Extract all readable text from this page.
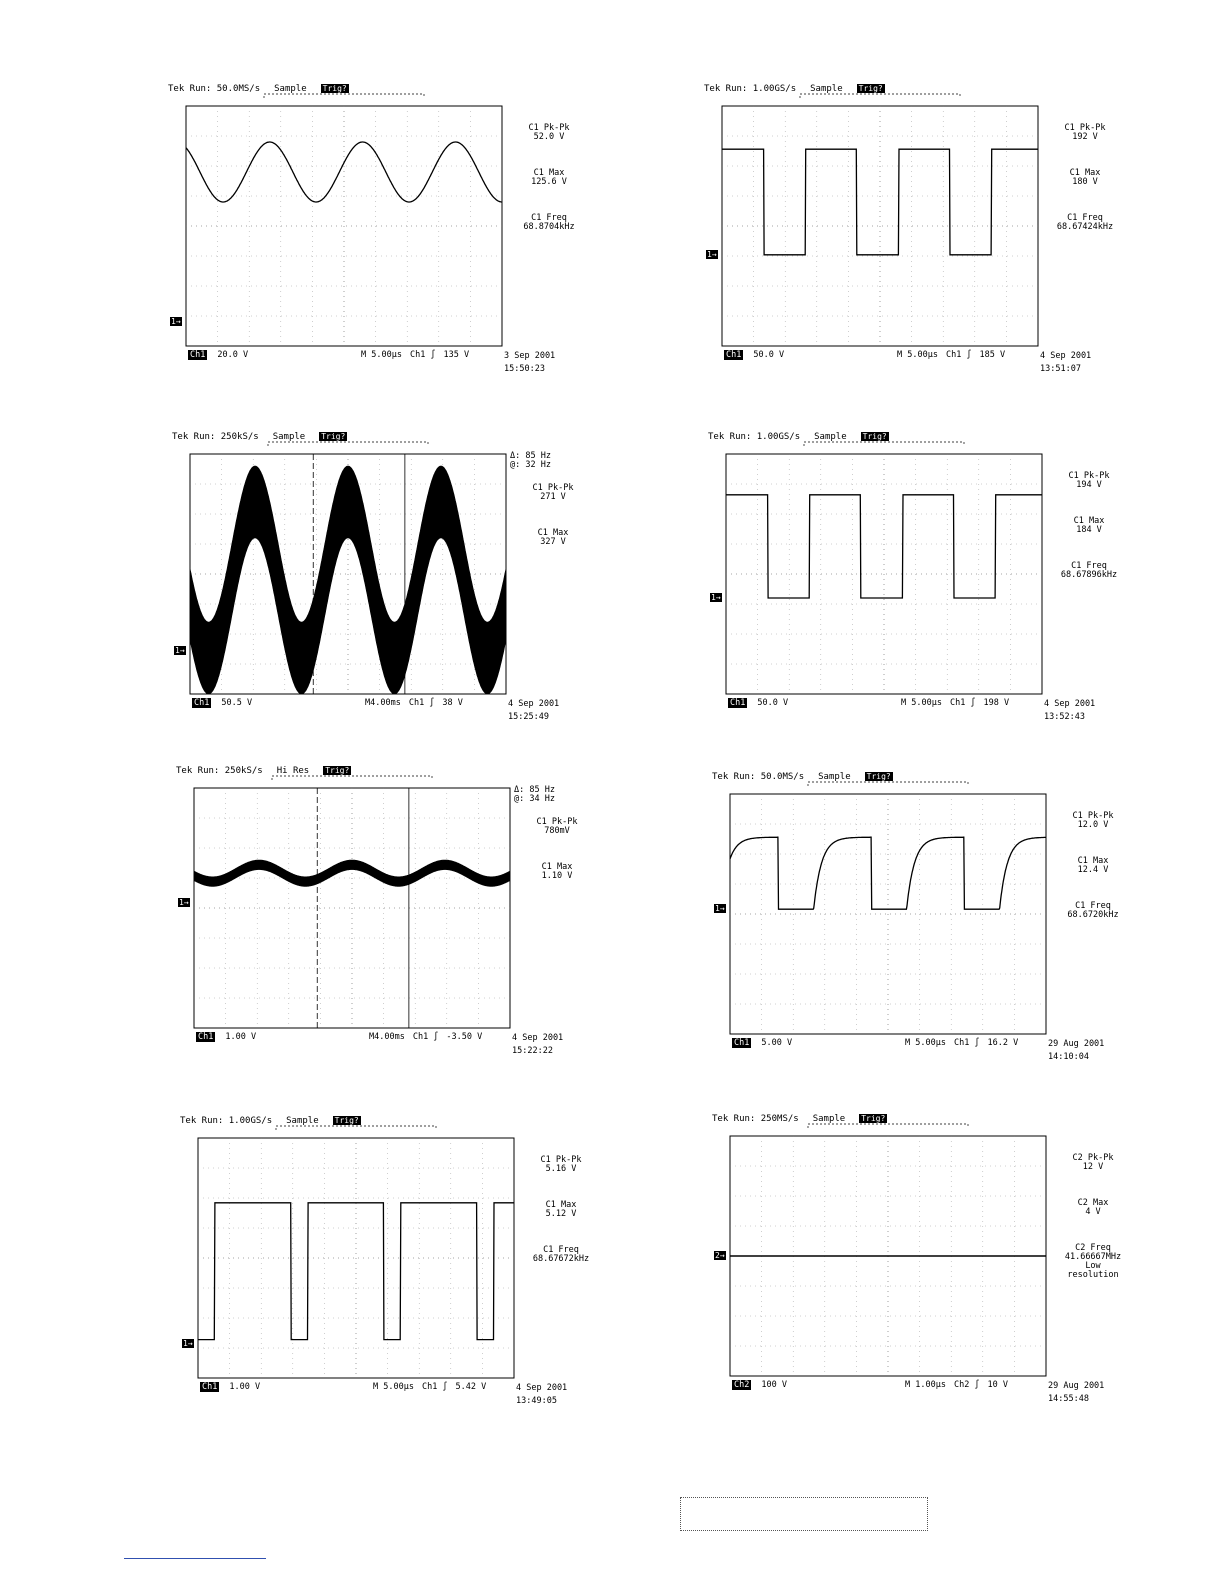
Tek Run: 50.0MS/s Sample Trig?
1→
C1 Pk-Pk
52.0 V
C1 Max
125.6 V
C1 Freq
68.8704kHz
Ch1 20.0 V	M 5.00µs Ch1 ∫ 135 V	3 Sep 2001
15:50:23
Tek Run: 1.00GS/s Sample Trig?
1→
C1 Pk-Pk
192 V
C1 Max
180 V
C1 Freq
68.67424kHz
Ch1 50.0 V	M 5.00µs Ch1 ∫ 185 V	4 Sep 2001
13:51:07
Tek Run: 250kS/s Sample Trig?
1→
Δ: 85 Hz
@: 32 Hz
C1 Pk-Pk
271 V
C1 Max
327 V
Ch1 50.5 V	M4.00ms Ch1 ∫ 38 V	4 Sep 2001
15:25:49
Tek Run: 1.00GS/s Sample Trig?
1→
C1 Pk-Pk
194 V
C1 Max
184 V
C1 Freq
68.67896kHz
Ch1 50.0 V	M 5.00µs Ch1 ∫ 198 V	4 Sep 2001
13:52:43
Tek Run: 250kS/s Hi Res Trig?
1→
Δ: 85 Hz
@: 34 Hz
C1 Pk-Pk
780mV
C1 Max
1.10 V
Ch1 1.00 V	M4.00ms Ch1 ∫ -3.50 V	4 Sep 2001
15:22:22
Tek Run: 50.0MS/s Sample Trig?
1→
C1 Pk-Pk
12.0 V
C1 Max
12.4 V
C1 Freq
68.6720kHz
Ch1 5.00 V	M 5.00µs Ch1 ∫ 16.2 V	29 Aug 2001
14:10:04
Tek Run: 1.00GS/s Sample Trig?
1→
C1 Pk-Pk
5.16 V
C1 Max
5.12 V
C1 Freq
68.67672kHz
Ch1 1.00 V	M 5.00µs Ch1 ∫ 5.42 V	4 Sep 2001
13:49:05
Tek Run: 250MS/s Sample Trig?
2→
C2 Pk-Pk
12 V
C2 Max
4 V
C2 Freq
41.66667MHz
Low
resolution
Ch2 100 V	M 1.00µs Ch2 ∫ 10 V	29 Aug 2001
14:55:48
